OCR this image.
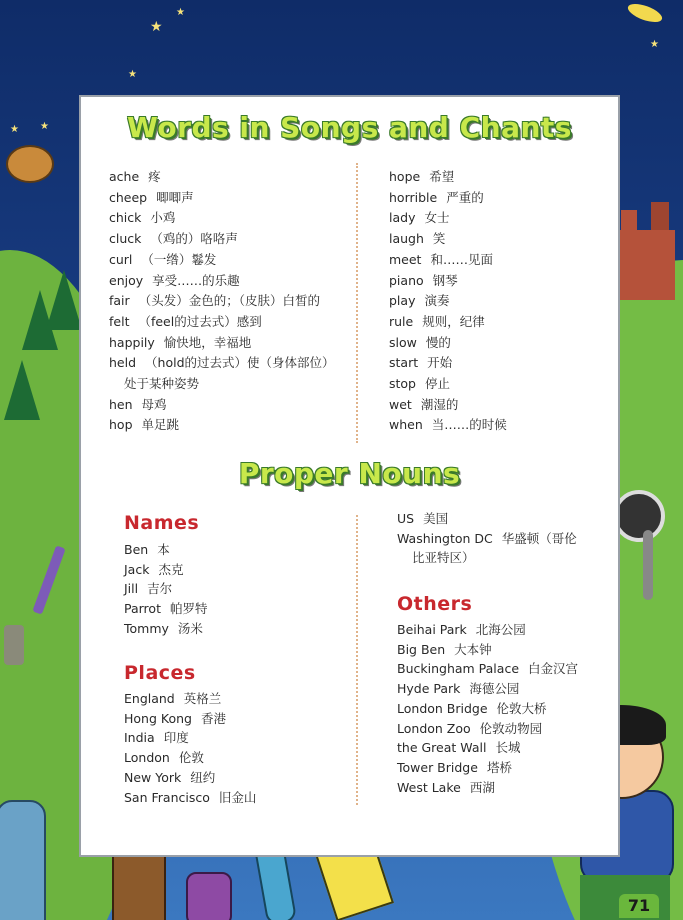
★
★
★
★ ★
★
Words in Songs and Chants
ache 疼
cheep 唧唧声
chick 小鸡
cluck （鸡的）咯咯声
curl （一绺）鬈发
enjoy 享受……的乐趣
fair （头发）金色的；（皮肤）白皙的
felt （feel的过去式）感到
happily 愉快地，幸福地
held （hold的过去式）使（身体部位）
处于某种姿势
hen 母鸡
hop 单足跳
hope 希望
horrible 严重的
lady 女士
laugh 笑
meet 和……见面
piano 钢琴
play 演奏
rule 规则，纪律
slow 慢的
start 开始
stop 停止
wet 潮湿的
when 当……的时候
Proper Nouns
Names
Ben 本
Jack 杰克
Jill 吉尔
Parrot 帕罗特
Tommy 汤米
Places
England 英格兰
Hong Kong 香港
India 印度
London 伦敦
New York 纽约
San Francisco 旧金山
US 美国
Washington DC 华盛顿（哥伦
比亚特区）
Others
Beihai Park 北海公园
Big Ben 大本钟
Buckingham Palace 白金汉宫
Hyde Park 海德公园
London Bridge 伦敦大桥
London Zoo 伦敦动物园
the Great Wall 长城
Tower Bridge 塔桥
West Lake 西湖
71
